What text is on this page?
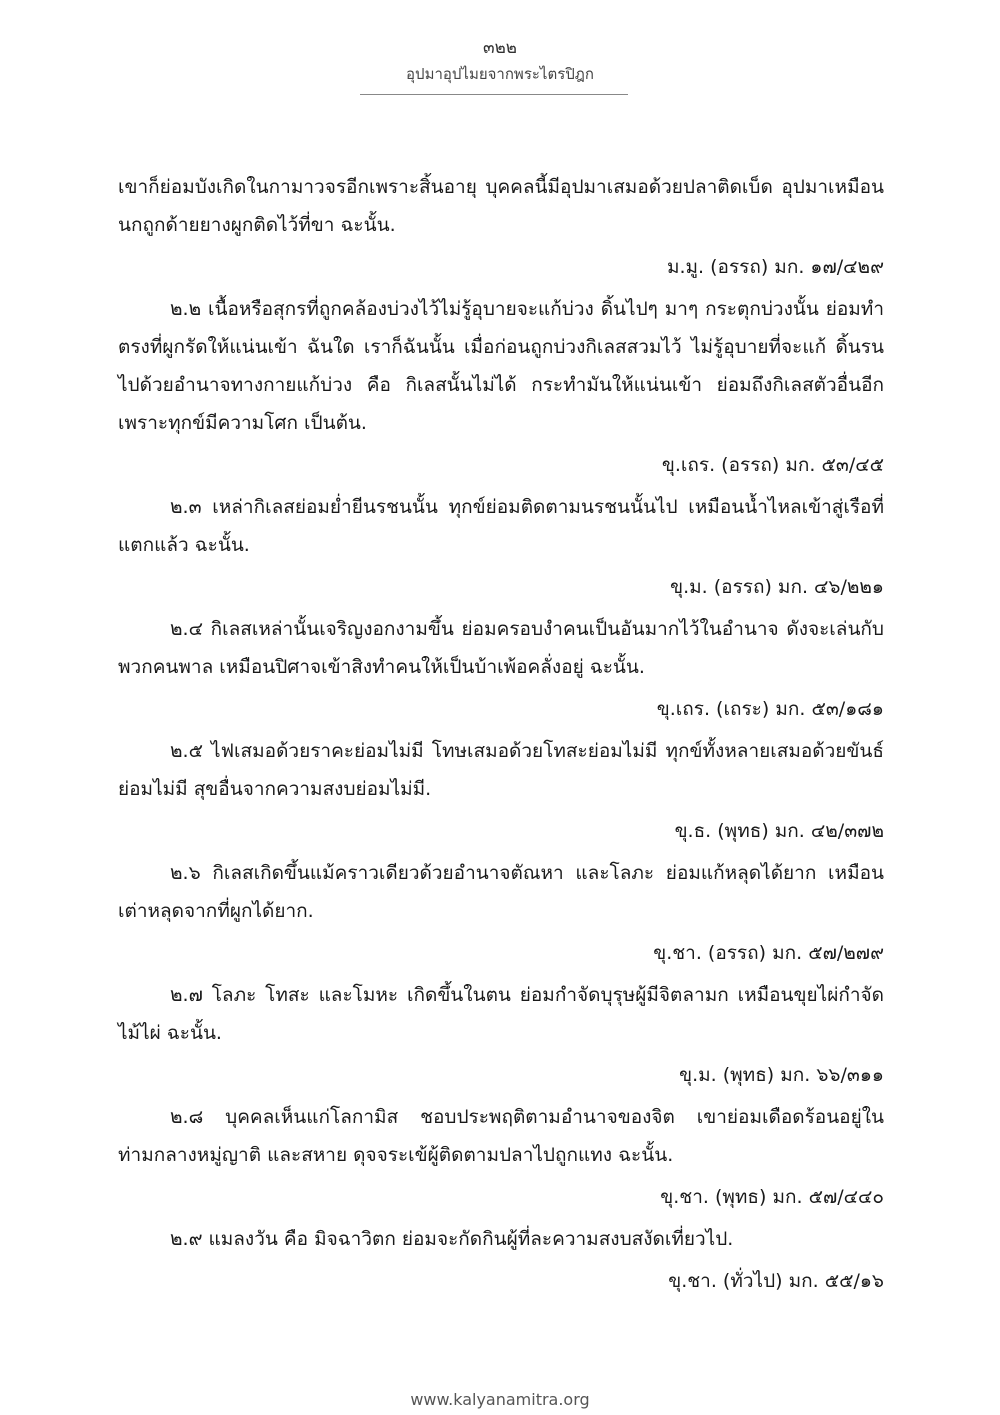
๓๒๒
อุปมาอุปไมยจากพระไตรปิฎก

เขาก็ย่อมบังเกิดในกามาวจรอีกเพราะสิ้นอายุ บุคคลนี้มีอุปมาเสมอด้วยปลาติดเบ็ด อุปมาเหมือนนกถูกด้ายยางผูกติดไว้ที่ขา ฉะนั้น.

ม.มู. (อรรถ) มก. ๑๗/๔๒๙

๒.๒ เนื้อหรือสุกรที่ถูกคล้องบ่วงไว้ไม่รู้อุบายจะแก้บ่วง ดิ้นไปๆ มาๆ กระตุกบ่วงนั้น ย่อมทำตรงที่ผูกรัดให้แน่นเข้า ฉันใด เราก็ฉันนั้น เมื่อก่อนถูกบ่วงกิเลสสวมไว้ ไม่รู้อุบายที่จะแก้ ดิ้นรนไปด้วยอำนาจทางกายแก้บ่วง คือ กิเลสนั้นไม่ได้ กระทำมันให้แน่นเข้า ย่อมถึงกิเลสตัวอื่นอีกเพราะทุกข์มีความโศก เป็นต้น.

ขุ.เถร. (อรรถ) มก. ๕๓/๔๕

๒.๓ เหล่ากิเลสย่อมย่ำยีนรชนนั้น ทุกข์ย่อมติดตามนรชนนั้นไป เหมือนน้ำไหลเข้าสู่เรือที่แตกแล้ว ฉะนั้น.

ขุ.ม. (อรรถ) มก. ๔๖/๒๒๑

๒.๔ กิเลสเหล่านั้นเจริญงอกงามขึ้น ย่อมครอบงำคนเป็นอันมากไว้ในอำนาจ ดังจะเล่นกับพวกคนพาล เหมือนปิศาจเข้าสิงทำคนให้เป็นบ้าเพ้อคลั่งอยู่ ฉะนั้น.

ขุ.เถร. (เถระ) มก. ๕๓/๑๘๑

๒.๕ ไฟเสมอด้วยราคะย่อมไม่มี โทษเสมอด้วยโทสะย่อมไม่มี ทุกข์ทั้งหลายเสมอด้วยขันธ์ย่อมไม่มี สุขอื่นจากความสงบย่อมไม่มี.

ขุ.ธ. (พุทธ) มก. ๔๒/๓๗๒

๒.๖ กิเลสเกิดขึ้นแม้คราวเดียวด้วยอำนาจตัณหา และโลภะ ย่อมแก้หลุดได้ยาก เหมือนเต่าหลุดจากที่ผูกได้ยาก.

ขุ.ชา. (อรรถ) มก. ๕๗/๒๗๙

๒.๗ โลภะ โทสะ และโมหะ เกิดขึ้นในตน ย่อมกำจัดบุรุษผู้มีจิตลามก เหมือนขุยไผ่กำจัดไม้ไผ่ ฉะนั้น.

ขุ.ม. (พุทธ) มก. ๖๖/๓๑๑

๒.๘ บุคคลเห็นแก่โลกามิส ชอบประพฤติตามอำนาจของจิต เขาย่อมเดือดร้อนอยู่ในท่ามกลางหมู่ญาติ และสหาย ดุจจระเข้ผู้ติดตามปลาไปถูกแทง ฉะนั้น.

ขุ.ชา. (พุทธ) มก. ๕๗/๔๔๐

๒.๙ แมลงวัน คือ มิจฉาวิตก ย่อมจะกัดกินผู้ที่ละความสงบสงัดเที่ยวไป.

ขุ.ชา. (ทั่วไป) มก. ๕๕/๑๖

www.kalyanamitra.org
